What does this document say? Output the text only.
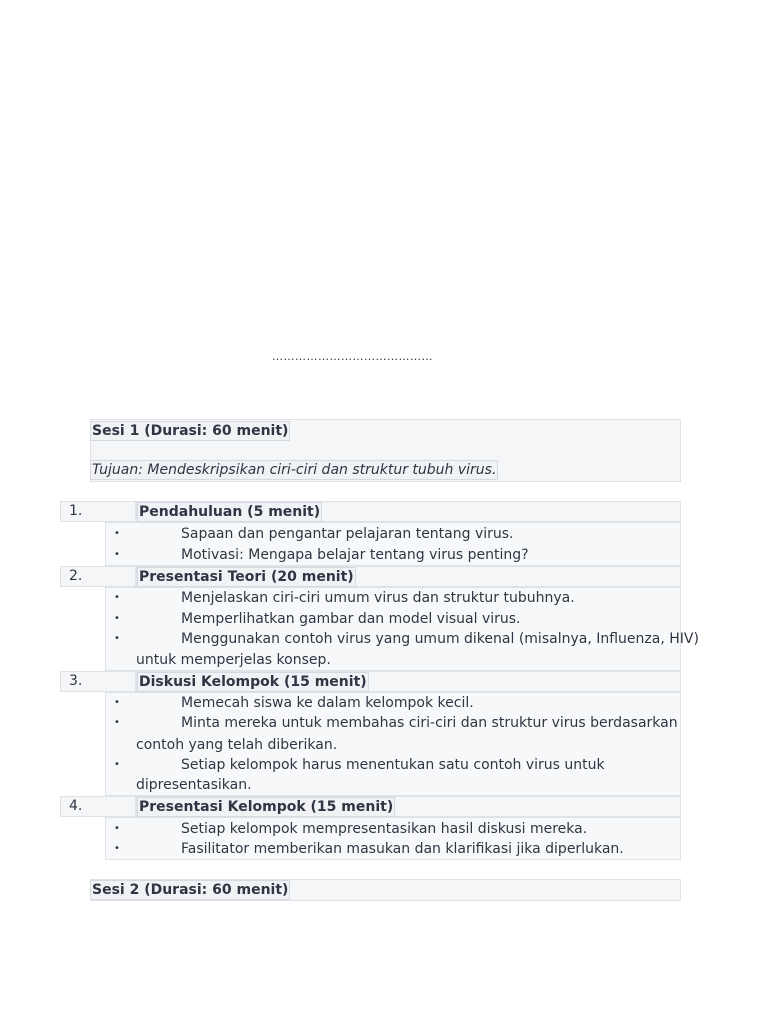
……………………………………
Sesi 1 (Durasi: 60 menit)
Tujuan: Mendeskripsikan ciri-ciri dan struktur tubuh virus.
1.	Pendahuluan (5 menit)
•	Sapaan dan pengantar pelajaran tentang virus.
•	Motivasi: Mengapa belajar tentang virus penting?
2.	Presentasi Teori (20 menit)
•	Menjelaskan ciri-ciri umum virus dan struktur tubuhnya.
•	Memperlihatkan gambar dan model visual virus.
•	Menggunakan contoh virus yang umum dikenal (misalnya, Influenza, HIV)
untuk memperjelas konsep.
3.	Diskusi Kelompok (15 menit)
•	Memecah siswa ke dalam kelompok kecil.
•	Minta mereka untuk membahas ciri-ciri dan struktur virus berdasarkan
contoh yang telah diberikan.
•	Setiap kelompok harus menentukan satu contoh virus untuk
dipresentasikan.
4.	Presentasi Kelompok (15 menit)
•	Setiap kelompok mempresentasikan hasil diskusi mereka.
•	Fasilitator memberikan masukan dan klarifikasi jika diperlukan.
Sesi 2 (Durasi: 60 menit)
